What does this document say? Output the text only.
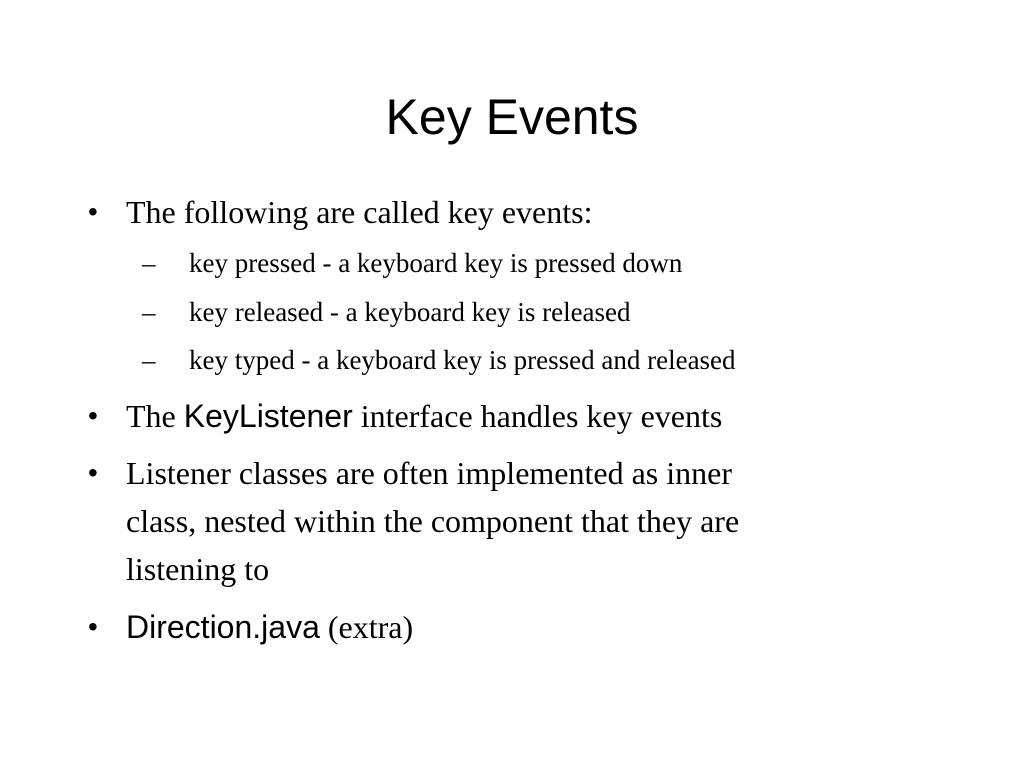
Key Events
• The following are called key events:
– key pressed - a keyboard key is pressed down
– key released - a keyboard key is released
– key typed - a keyboard key is pressed and released
• The KeyListener interface handles key events
• Listener classes are often implemented as inner
class, nested within the component that they are
listening to
• Direction.java (extra)
